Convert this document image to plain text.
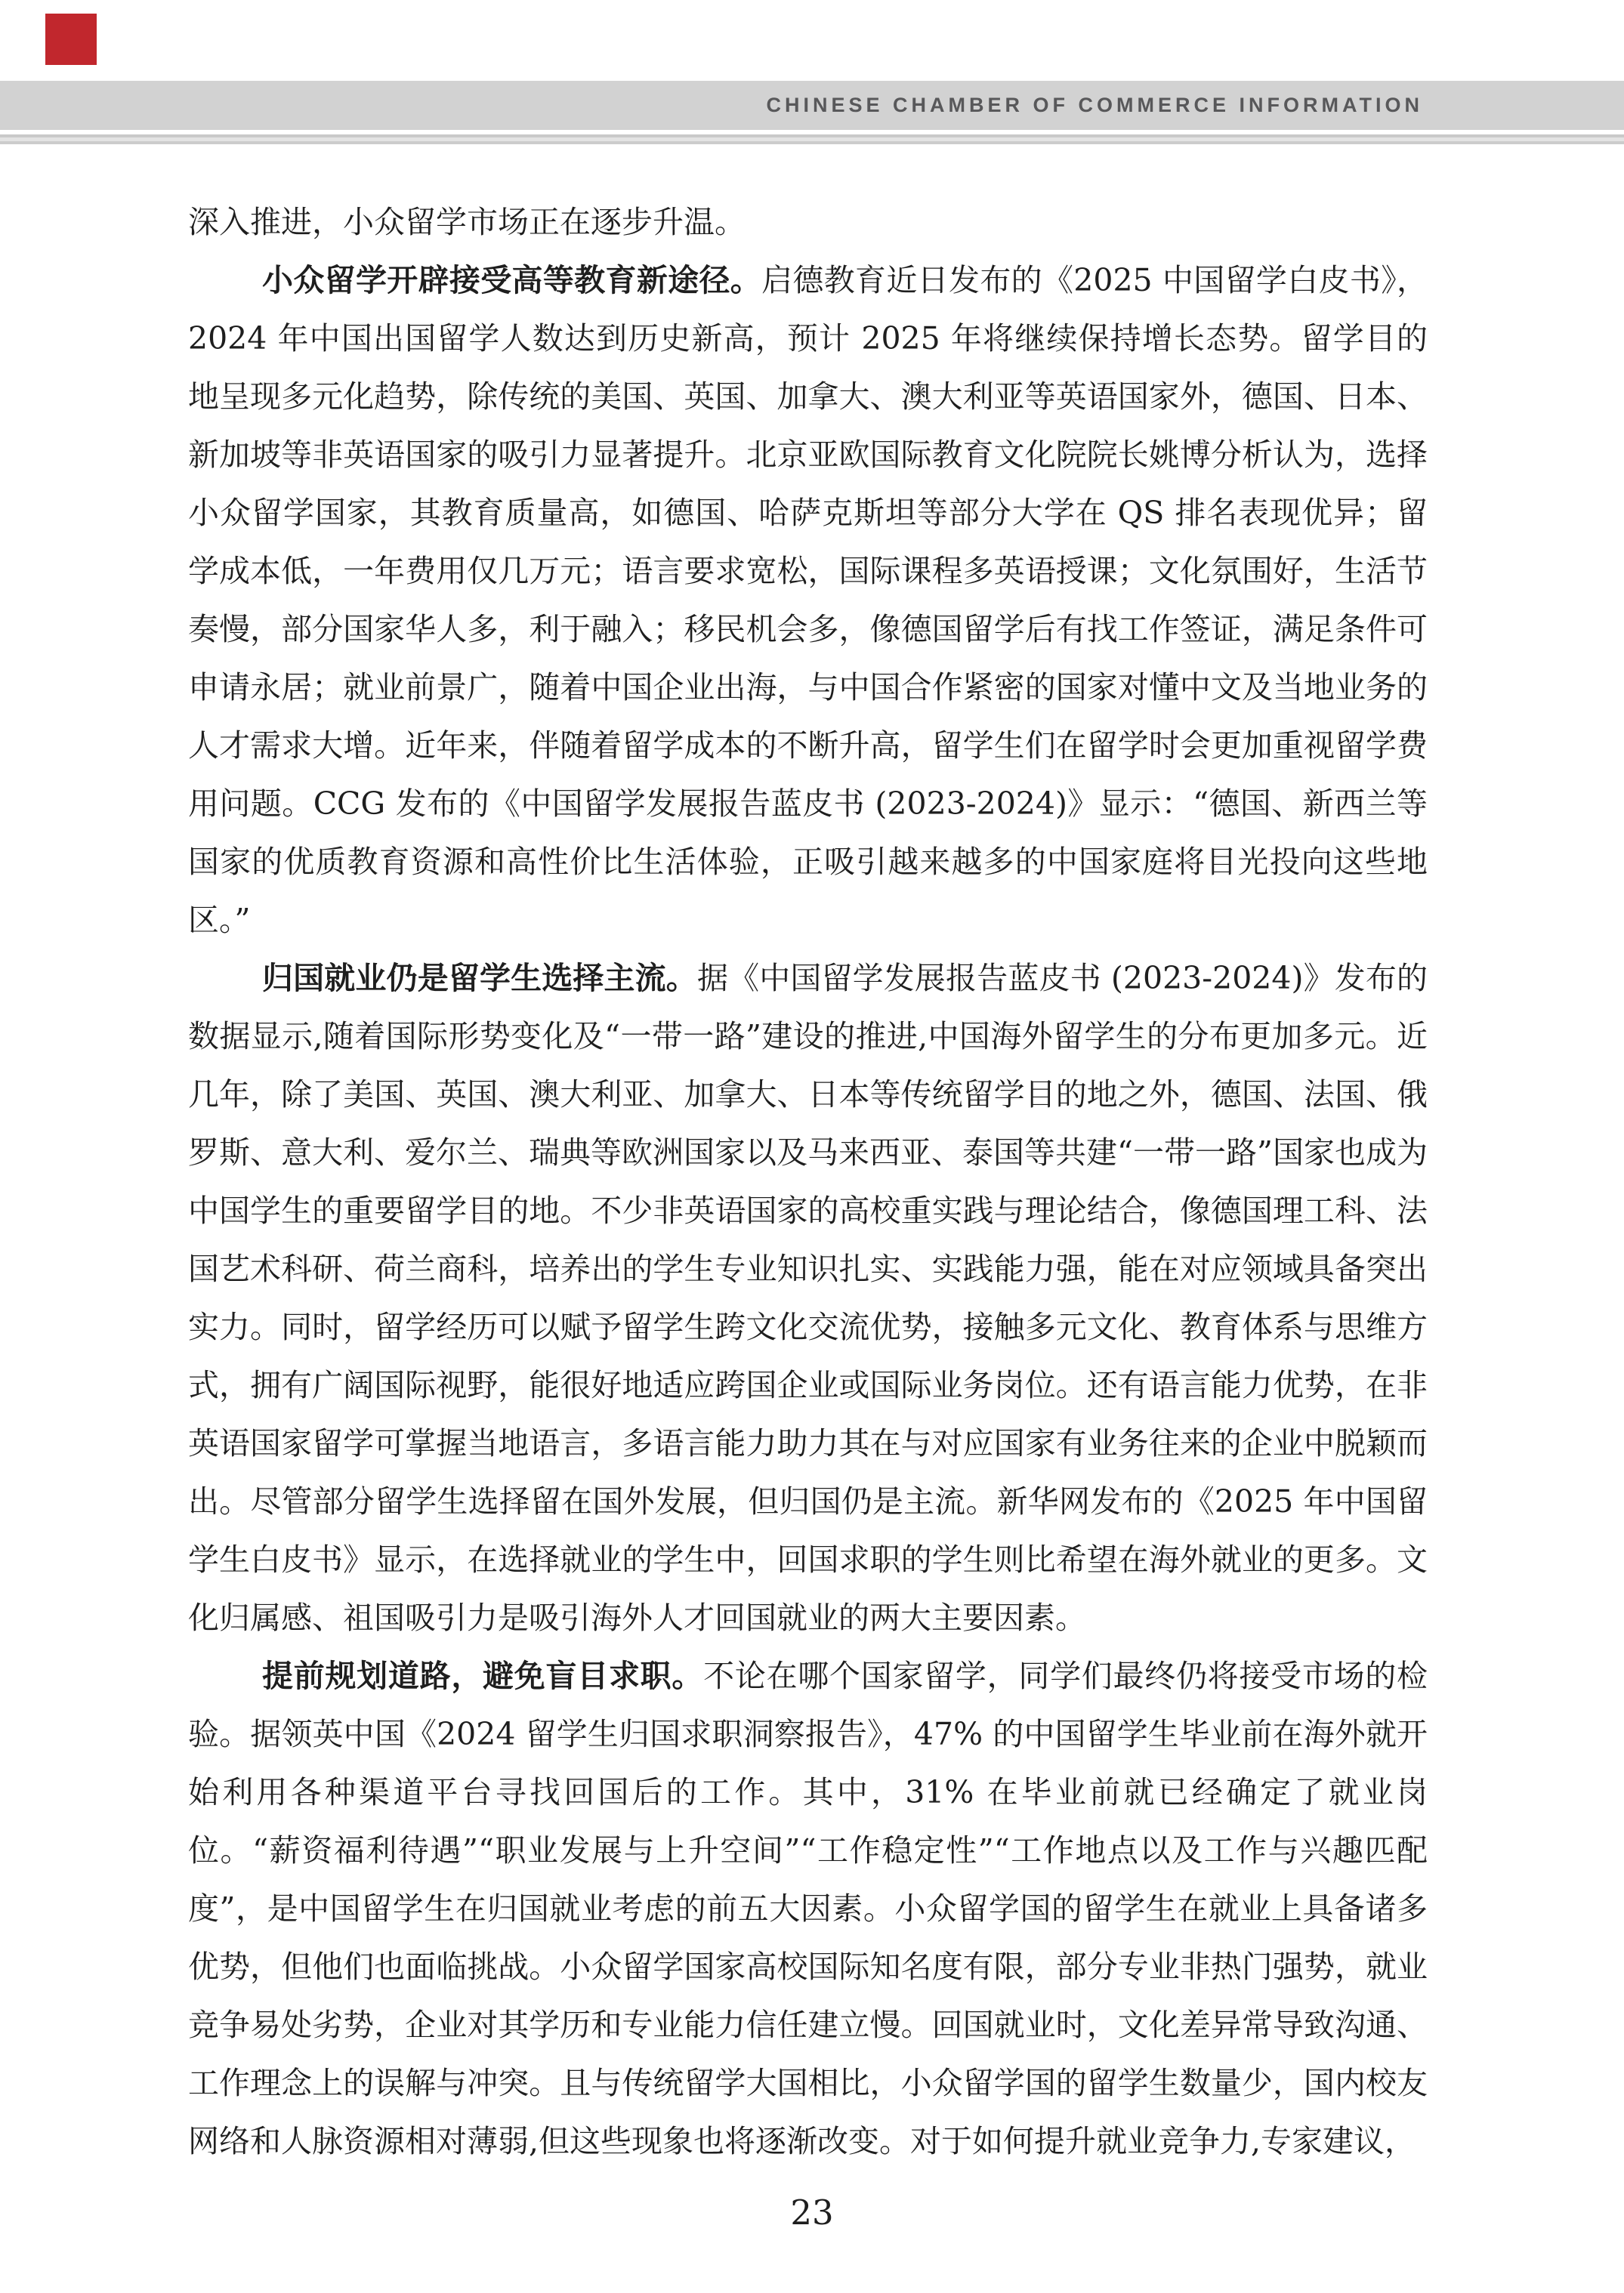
CHINESE CHAMBER OF COMMERCE INFORMATION

深入推进，小众留学市场正在逐步升温。

小众留学开辟接受高等教育新途径。启德教育近日发布的《2025 中国留学白皮书》，2024 年中国出国留学人数达到历史新高，预计 2025 年将继续保持增长态势。留学目的地呈现多元化趋势，除传统的美国、英国、加拿大、澳大利亚等英语国家外，德国、日本、新加坡等非英语国家的吸引力显著提升。北京亚欧国际教育文化院院长姚博分析认为，选择小众留学国家，其教育质量高，如德国、哈萨克斯坦等部分大学在 QS 排名表现优异；留学成本低，一年费用仅几万元；语言要求宽松，国际课程多英语授课；文化氛围好，生活节奏慢，部分国家华人多，利于融入；移民机会多，像德国留学后有找工作签证，满足条件可申请永居；就业前景广，随着中国企业出海，与中国合作紧密的国家对懂中文及当地业务的人才需求大增。近年来，伴随着留学成本的不断升高，留学生们在留学时会更加重视留学费用问题。CCG 发布的《中国留学发展报告蓝皮书 (2023-2024)》显示：“德国、新西兰等国家的优质教育资源和高性价比生活体验，正吸引越来越多的中国家庭将目光投向这些地区。”

归国就业仍是留学生选择主流。据《中国留学发展报告蓝皮书 (2023-2024)》发布的数据显示,随着国际形势变化及“一带一路”建设的推进,中国海外留学生的分布更加多元。近几年，除了美国、英国、澳大利亚、加拿大、日本等传统留学目的地之外，德国、法国、俄罗斯、意大利、爱尔兰、瑞典等欧洲国家以及马来西亚、泰国等共建“一带一路”国家也成为中国学生的重要留学目的地。不少非英语国家的高校重实践与理论结合，像德国理工科、法国艺术科研、荷兰商科，培养出的学生专业知识扎实、实践能力强，能在对应领域具备突出实力。同时，留学经历可以赋予留学生跨文化交流优势，接触多元文化、教育体系与思维方式，拥有广阔国际视野，能很好地适应跨国企业或国际业务岗位。还有语言能力优势，在非英语国家留学可掌握当地语言，多语言能力助力其在与对应国家有业务往来的企业中脱颖而出。尽管部分留学生选择留在国外发展，但归国仍是主流。新华网发布的《2025 年中国留学生白皮书》显示，在选择就业的学生中，回国求职的学生则比希望在海外就业的更多。文化归属感、祖国吸引力是吸引海外人才回国就业的两大主要因素。

提前规划道路，避免盲目求职。不论在哪个国家留学，同学们最终仍将接受市场的检验。据领英中国《2024 留学生归国求职洞察报告》，47% 的中国留学生毕业前在海外就开始利用各种渠道平台寻找回国后的工作。其中，31% 在毕业前就已经确定了就业岗位。“薪资福利待遇”“职业发展与上升空间”“工作稳定性”“工作地点以及工作与兴趣匹配度”，是中国留学生在归国就业考虑的前五大因素。小众留学国的留学生在就业上具备诸多优势，但他们也面临挑战。小众留学国家高校国际知名度有限，部分专业非热门强势，就业竞争易处劣势，企业对其学历和专业能力信任建立慢。回国就业时，文化差异常导致沟通、工作理念上的误解与冲突。且与传统留学大国相比，小众留学国的留学生数量少，国内校友网络和人脉资源相对薄弱,但这些现象也将逐渐改变。对于如何提升就业竞争力,专家建议，

23
